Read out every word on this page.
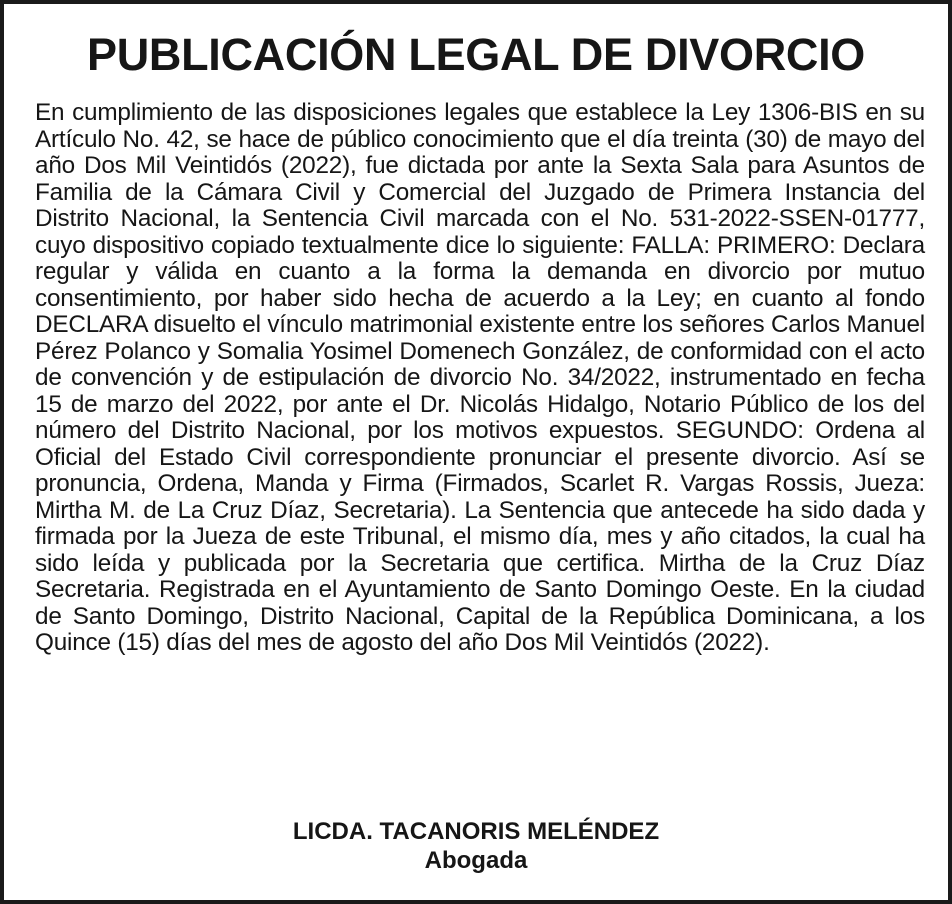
PUBLICACIÓN LEGAL DE DIVORCIO
En cumplimiento de las disposiciones legales que establece la Ley 1306-BIS en su Artículo No. 42, se hace de público conocimiento que el día treinta (30) de mayo del año Dos Mil Veintidós (2022), fue dictada por ante la Sexta Sala para Asuntos de Familia de la Cámara Civil y Comercial del Juzgado de Primera Instancia del Distrito Nacional, la Sentencia Civil marcada con el No. 531-2022-SSEN-01777, cuyo dispositivo copiado textualmente dice lo siguiente: FALLA: PRIMERO: Declara regular y válida en cuanto a la forma la demanda en divorcio por mutuo consentimiento, por haber sido hecha de acuerdo a la Ley; en cuanto al fondo DECLARA disuelto el vínculo matrimonial existente entre los señores Carlos Manuel Pérez Polanco y Somalia Yosimel Domenech González, de conformidad con el acto de convención y de estipulación de divorcio No. 34/2022, instrumentado en fecha 15 de marzo del 2022, por ante el Dr. Nicolás Hidalgo, Notario Público de los del número del Distrito Nacional, por los motivos expuestos. SEGUNDO: Ordena al Oficial del Estado Civil correspondiente pronunciar el presente divorcio. Así se pronuncia, Ordena, Manda y Firma (Firmados, Scarlet R. Vargas Rossis, Jueza: Mirtha M. de La Cruz Díaz, Secretaria). La Sentencia que antecede ha sido dada y firmada por la Jueza de este Tribunal, el mismo día, mes y año citados, la cual ha sido leída y publicada por la Secretaria que certifica. Mirtha de la Cruz Díaz Secretaria. Registrada en el Ayuntamiento de Santo Domingo Oeste. En la ciudad de Santo Domingo, Distrito Nacional, Capital de la República Dominicana, a los Quince (15) días del mes de agosto del año Dos Mil Veintidós (2022).
LICDA. TACANORIS MELÉNDEZ
Abogada
